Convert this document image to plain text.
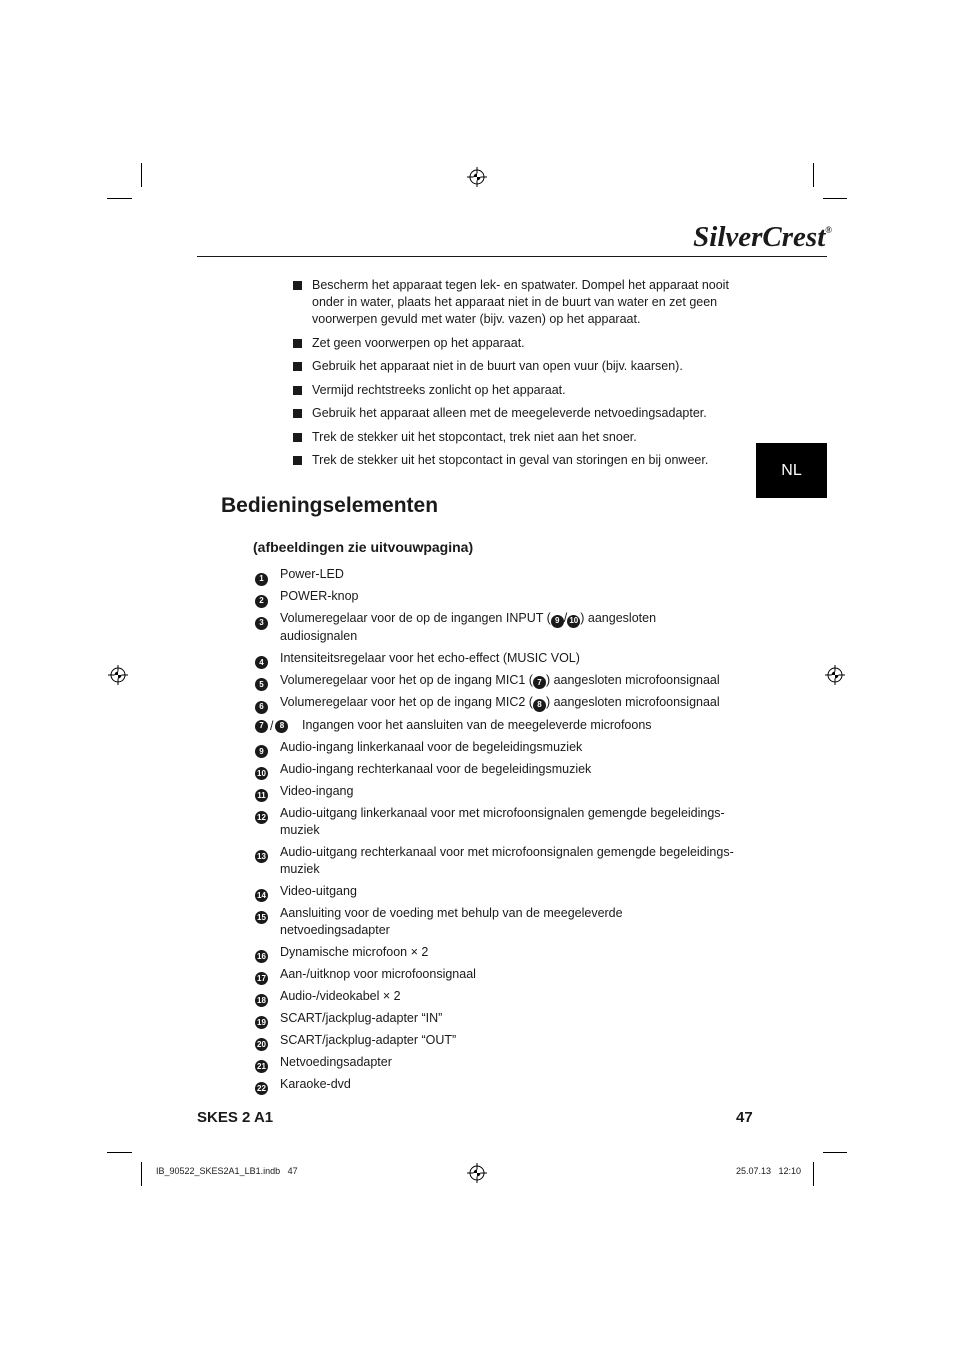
SilverCrest®
NL
Bescherm het apparaat tegen lek- en spatwater. Dompel het apparaat nooit onder in water, plaats het apparaat niet in de buurt van water en zet geen voorwerpen gevuld met water (bijv. vazen) op het apparaat.
Zet geen voorwerpen op het apparaat.
Gebruik het apparaat niet in de buurt van open vuur (bijv. kaarsen).
Vermijd rechtstreeks zonlicht op het apparaat.
Gebruik het apparaat alleen met de meegeleverde netvoedingsadapter.
Trek de stekker uit het stopcontact, trek niet aan het snoer.
Trek de stekker uit het stopcontact in geval van storingen en bij onweer.
Bedieningselementen
(afbeeldingen zie uitvouwpagina)
1	Power-LED
2	POWER-knop
3	Volumeregelaar voor de op de ingangen INPUT ( 9 / 10 ) aangesloten audiosignalen
4	Intensiteitsregelaar voor het echo-effect (MUSIC VOL)
5	Volumeregelaar voor het op de ingang MIC1 ( 7 ) aangesloten microfoonsignaal
6	Volumeregelaar voor het op de ingang MIC2 ( 8 ) aangesloten microfoonsignaal
7 / 8	Ingangen voor het aansluiten van de meegeleverde microfoons
9	Audio-ingang linkerkanaal voor de begeleidingsmuziek
10 Audio-ingang rechterkanaal voor de begeleidingsmuziek
11 Video-ingang
12 Audio-uitgang linkerkanaal voor met microfoonsignalen gemengde begeleidings-muziek
13 Audio-uitgang rechterkanaal voor met microfoonsignalen gemengde begeleidings-muziek
14 Video-uitgang
15 Aansluiting voor de voeding met behulp van de meegeleverde netvoedingsadapter
16 Dynamische microfoon × 2
17 Aan-/uitknop voor microfoonsignaal
18 Audio-/videokabel × 2
19 SCART/jackplug-adapter “IN”
20 SCART/jackplug-adapter “OUT”
21 Netvoedingsadapter
22 Karaoke-dvd
SKES 2 A1	47
IB_90522_SKES2A1_LB1.indb   47	25.07.13   12:10
